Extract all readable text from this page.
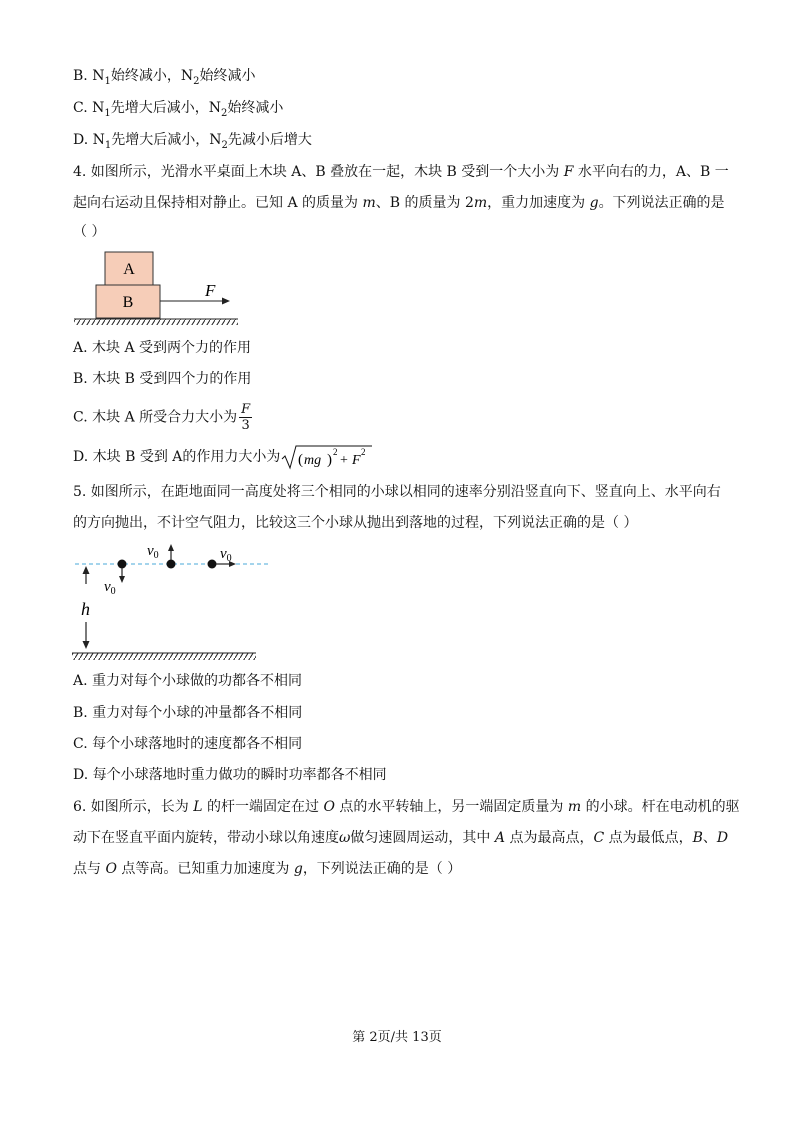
B. $N_1$始终减小，$N_2$始终减小
C. $N_1$先增大后减小，$N_2$始终减小
D. $N_1$先增大后减小，$N_2$先减小后增大
4. 如图所示，光滑水平桌面上木块 A、B 叠放在一起，木块 B 受到一个大小为 F 水平向右的力，A、B 一
起向右运动且保持相对静止。已知 A 的质量为 m、B 的质量为 2m，重力加速度为 g。下列说法正确的是
（ ）
A
B
F
A. 木块 A 受到两个力的作用
B. 木块 B 受到四个力的作用
C. 木块 A 所受合力大小为 $\frac{F}{3}$
D. 木块 B 受到 A的作用力大小为 ( mg ) 2
+ F
2
5. 如图所示，在距地面同一高度处将三个相同的小球以相同的速率分别沿竖直向下、竖直向上、水平向右
的方向抛出，不计空气阻力，比较这三个小球从抛出到落地的过程，下列说法正确的是（ ）
h
$v_0$
$v_0$	$v_0$
A. 重力对每个小球做的功都各不相同
B. 重力对每个小球的冲量都各不相同
C. 每个小球落地时的速度都各不相同
D. 每个小球落地时重力做功的瞬时功率都各不相同
6. 如图所示，长为 L 的杆一端固定在过 O 点的水平转轴上，另一端固定质量为 m 的小球。杆在电动机的驱
动下在竖直平面内旋转，带动小球以角速度ω做匀速圆周运动，其中 A 点为最高点，C 点为最低点，B、D
点与 O 点等高。已知重力加速度为 g，下列说法正确的是（ ）
第 2页/共 13页
